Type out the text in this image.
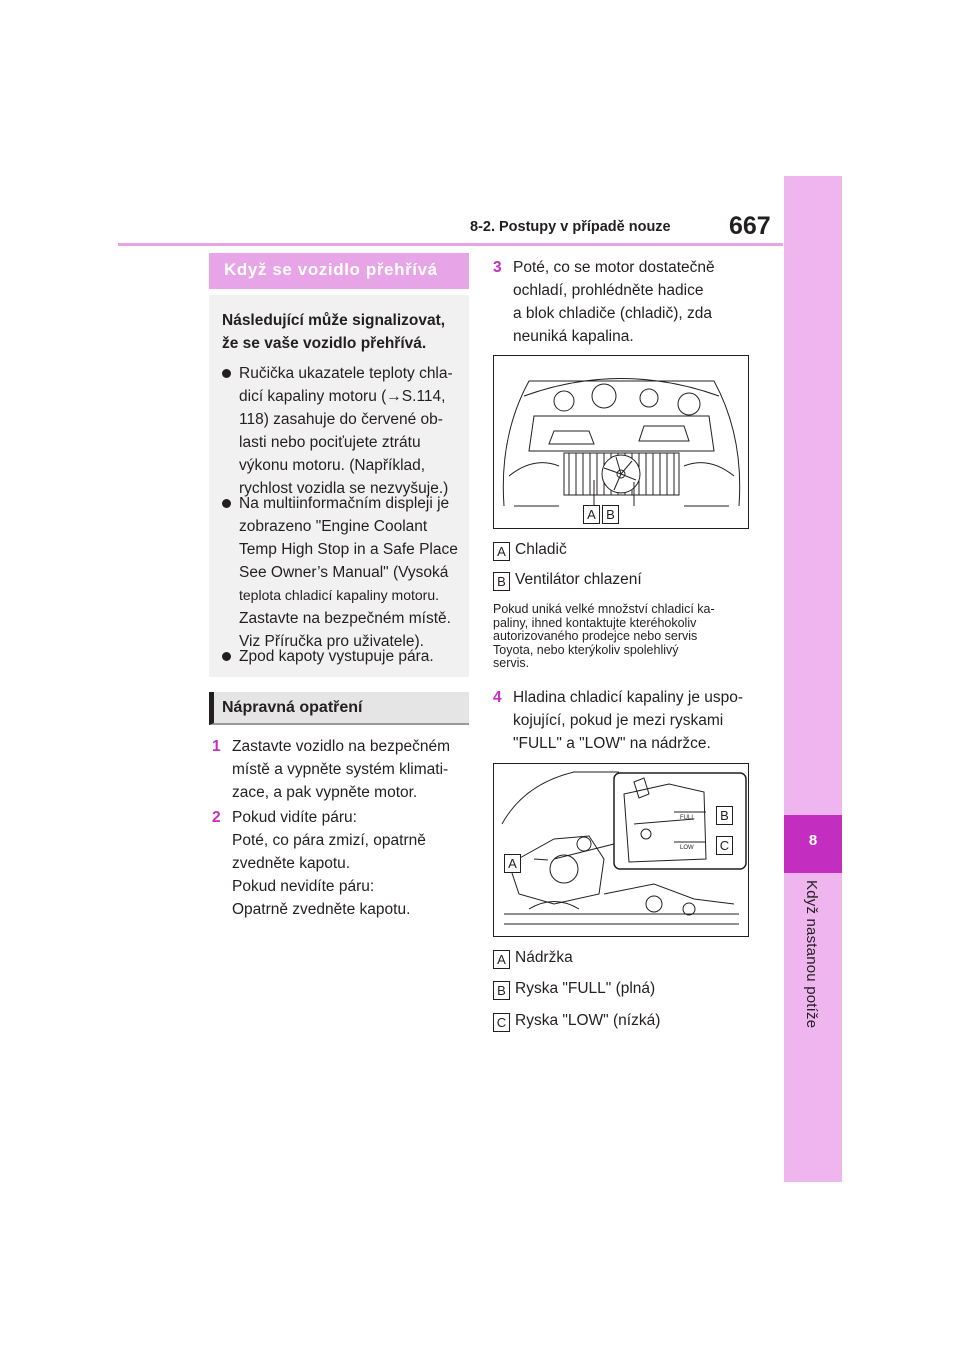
8-2. Postupy v případě nouze 667
8
Když nastanou potíže
Když se vozidlo přehřívá
Následující může signalizovat, že se vaše vozidlo přehřívá.
Ručička ukazatele teploty chla-
dicí kapaliny motoru (→S.114,
118) zasahuje do červené ob-
lasti nebo pociťujete ztrátu
výkonu motoru. (Například,
rychlost vozidla se nezvyšuje.)
Na multiinformačním displeji je
zobrazeno "Engine Coolant
Temp High Stop in a Safe Place
See Owner’s Manual" (Vysoká
teplota chladicí kapaliny motoru.
Zastavte na bezpečném místě.
Viz Příručka pro uživatele).
Zpod kapoty vystupuje pára.
Nápravná opatření
1 Zastavte vozidlo na bezpečném
místě a vypněte systém klimati-
zace, a pak vypněte motor.
2 Pokud vidíte páru:
Poté, co pára zmizí, opatrně
zvedněte kapotu.
Pokud nevidíte páru:
Opatrně zvedněte kapotu.
3 Poté, co se motor dostatečně
ochladí, prohlédněte hadice
a blok chladiče (chladič), zda
neuniká kapalina.
A B
A Chladič
B Ventilátor chlazení
Pokud uniká velké množství chladicí ka-
paliny, ihned kontaktujte kteréhokoliv
autorizovaného prodejce nebo servis
Toyota, nebo kterýkoliv spolehlivý
servis.
4 Hladina chladicí kapaliny je uspo-
kojující, pokud je mezi ryskami
"FULL" a "LOW" na nádržce.
FULL
LOW
A
B
C
A Nádržka
B Ryska "FULL" (plná)
C Ryska "LOW" (nízká)
